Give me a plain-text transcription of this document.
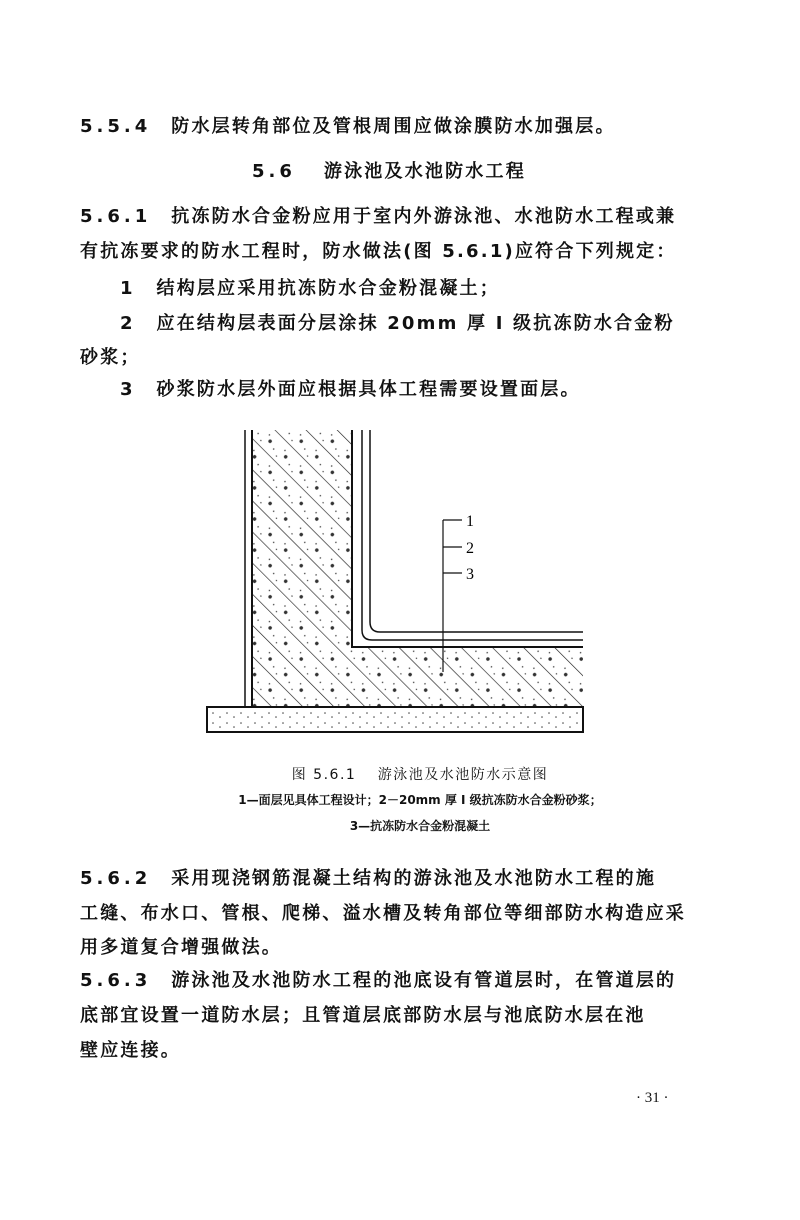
5.5.4 防水层转角部位及管根周围应做涂膜防水加强层。
5.6 游泳池及水池防水工程
5.6.1 抗冻防水合金粉应用于室内外游泳池、水池防水工程或兼
有抗冻要求的防水工程时，防水做法(图 5.6.1)应符合下列规定：
1 结构层应采用抗冻防水合金粉混凝土；
2 应在结构层表面分层涂抹 20mm 厚 Ⅰ 级抗冻防水合金粉
砂浆；
3 砂浆防水层外面应根据具体工程需要设置面层。
1
2
3
图 5.6.1　 游泳池及水池防水示意图
1—面层见具体工程设计；2－20mm 厚 Ⅰ 级抗冻防水合金粉砂浆；
3—抗冻防水合金粉混凝土
5.6.2 采用现浇钢筋混凝土结构的游泳池及水池防水工程的施
工缝、布水口、管根、爬梯、溢水槽及转角部位等细部防水构造应采
用多道复合增强做法。
5.6.3 游泳池及水池防水工程的池底设有管道层时，在管道层的
底部宜设置一道防水层；且管道层底部防水层与池底防水层在池
壁应连接。
· 31 ·
